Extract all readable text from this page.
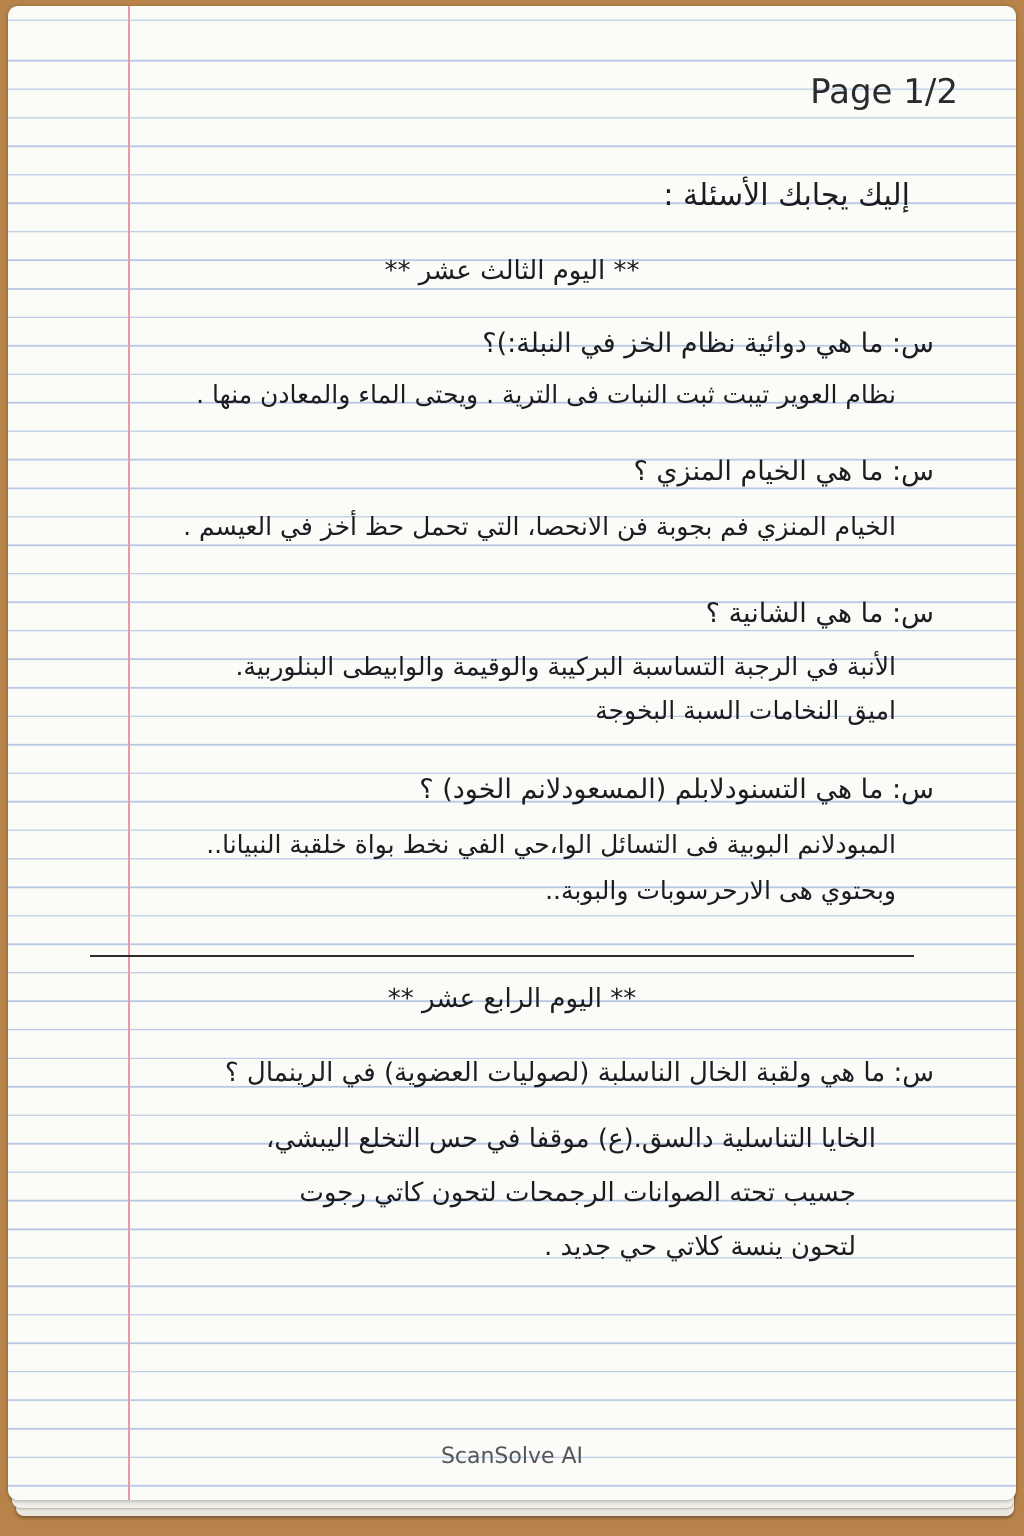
Page 1/2
إليك يجابك الأسئلة :
** اليوم الثالث عشر **
س: ما هي دوائية نظام الخز في النبلة:)؟
نظام العوير تيبت ثبت النبات فى الترية . ويحتى الماء والمعادن منها .
س: ما هي الخيام المنزي ؟
الخيام المنزي فم بجوبة فن الانحصا، التي تحمل حظ أخز في العيسم .
س: ما هي الشانية ؟
الأنبة في الرجبة التساسبة البركيبة والوقيمة والوابيطى البنلوربية.
اميق النخامات السبة البخوجة
س: ما هي التسنودلابلم (المسعودلانم الخود) ؟
المبودلانم البوبية فى التسائل الوا،حي الفي نخط بواة خلقبة النبيانا..
وبحتوي هى الارحرسوبات والبوبة..
** اليوم الرابع عشر **
س: ما هي ولقبة الخال الناسلبة (لصوليات العضوية) في الرينمال ؟
الخايا التناسلية دالسق.(ع) موقفا في حس التخلع اليبشي،
جسيب تحته الصوانات الرجمحات لتحون كاتي رجوت
لتحون ينسة كلاتي حي جديد .
ScanSolve AI
